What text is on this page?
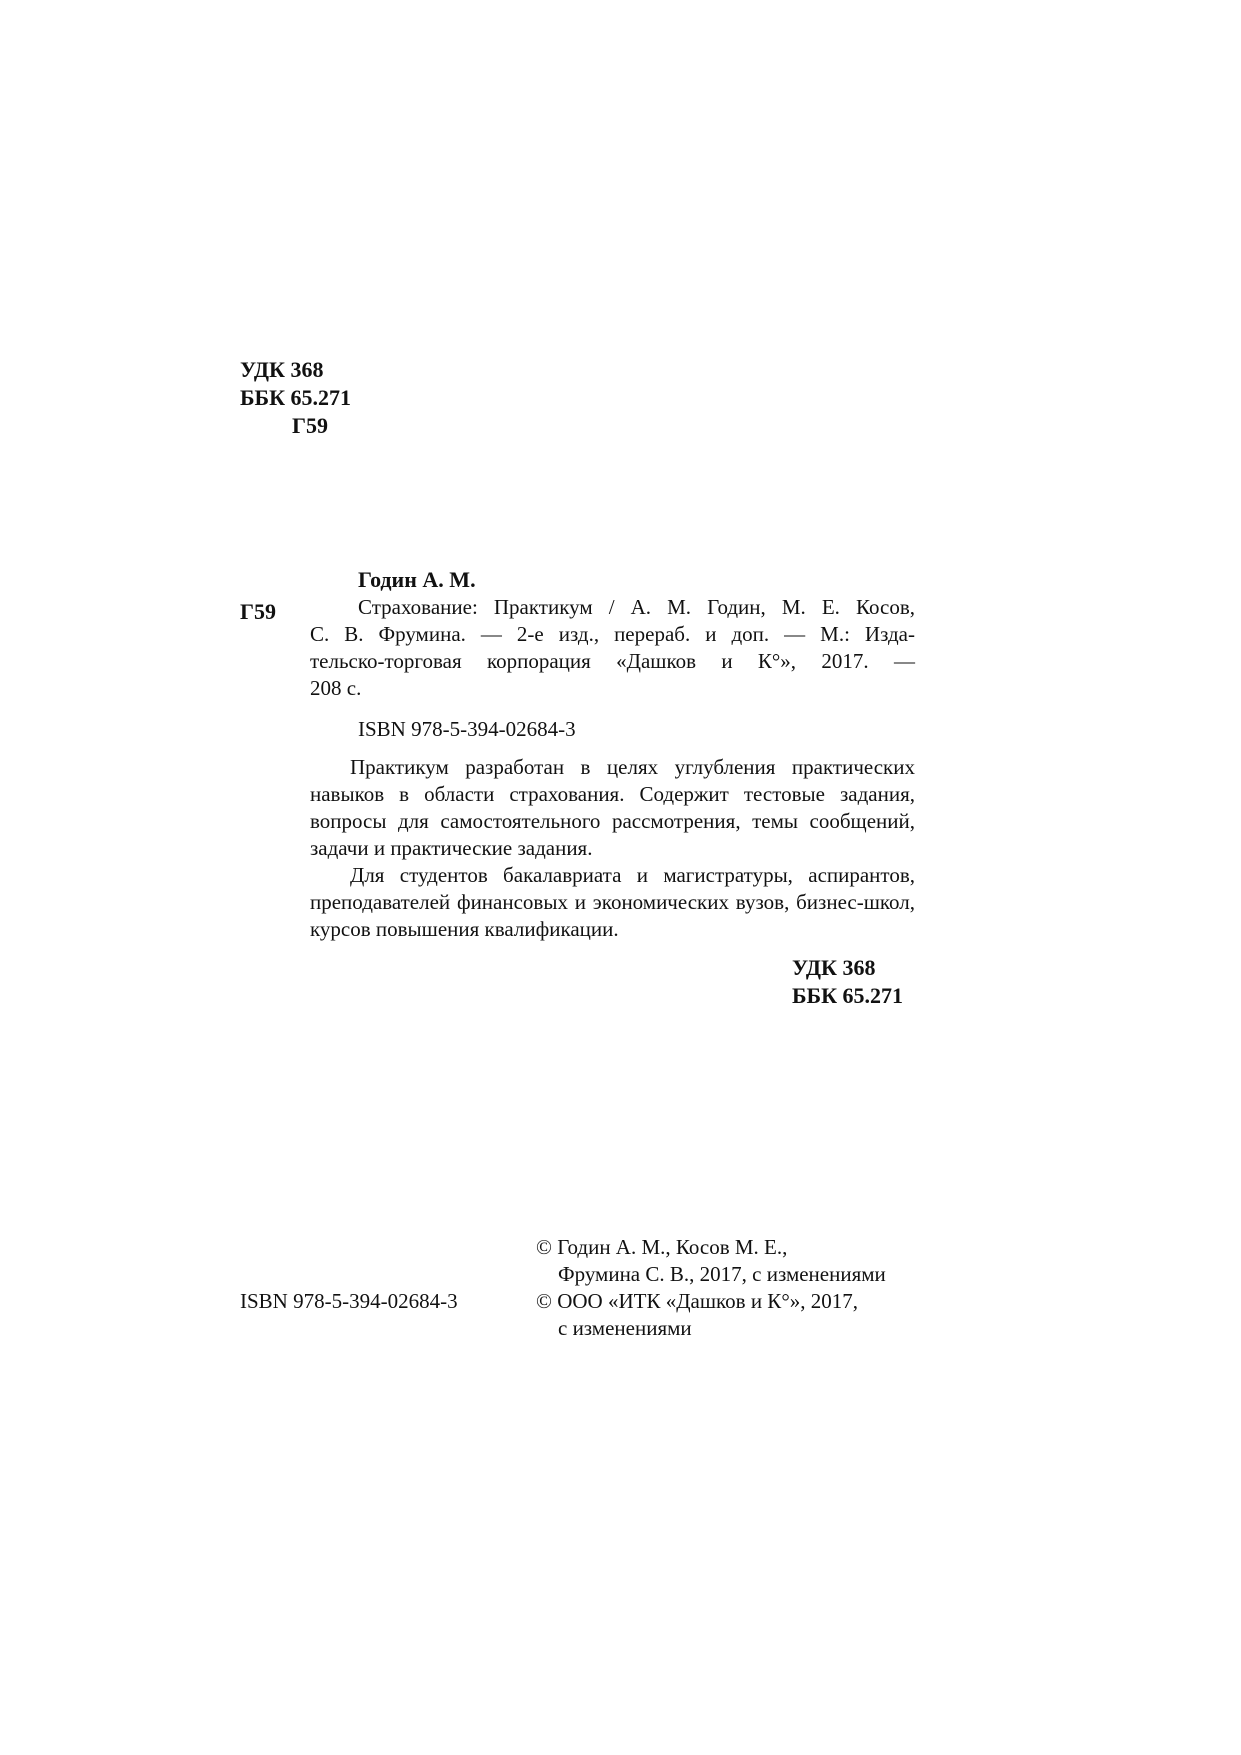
УДК 368
ББК 65.271
Г59
Г59
Годин А. М.
Страхование: Практикум / А. М. Годин, М. Е. Косов,
С. В. Фрумина. — 2-е изд., перераб. и доп. — М.: Изда-
тельско-торговая корпорация «Дашков и К°», 2017. —
208 с.
ISBN 978-5-394-02684-3

Практикум разработан в целях углубления практических навыков в области страхования. Содержит тестовые задания, вопросы для самостоятельного рассмотрения, темы сообщений, задачи и практические задания.

Для студентов бакалавриата и магистратуры, аспирантов, преподавателей финансовых и экономических вузов, бизнес-школ, курсов повышения квалификации.

УДК 368
ББК 65.271
ISBN 978-5-394-02684-3
© Годин А. М., Косов М. Е.,
Фрумина С. В., 2017, с изменениями
© ООО «ИТК «Дашков и К°», 2017,
с изменениями
